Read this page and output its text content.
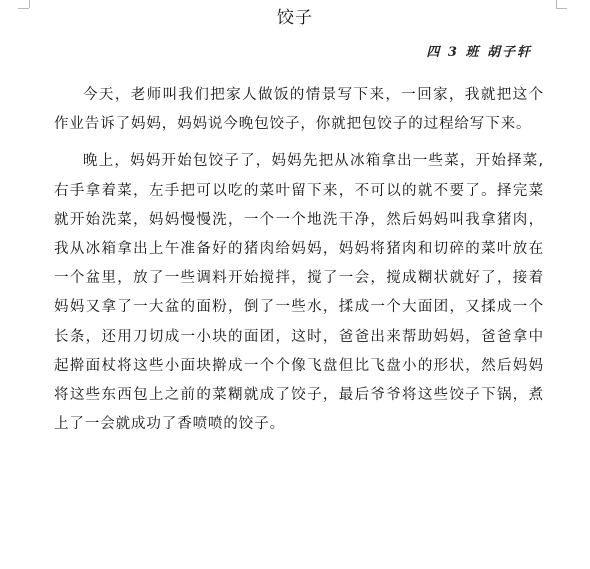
饺子
四 3 班 胡子轩

今天，老师叫我们把家人做饭的情景写下来，一回家，我就把这个作业告诉了妈妈，妈妈说今晚包饺子，你就把包饺子的过程给写下来。

晚上，妈妈开始包饺子了，妈妈先把从冰箱拿出一些菜，开始择菜,右手拿着菜，左手把可以吃的菜叶留下来，不可以的就不要了。择完菜就开始洗菜，妈妈慢慢洗，一个一个地洗干净，然后妈妈叫我拿猪肉，我从冰箱拿出上午准备好的猪肉给妈妈，妈妈将猪肉和切碎的菜叶放在一个盆里，放了一些调料开始搅拌，搅了一会，搅成糊状就好了，接着妈妈又拿了一大盆的面粉，倒了一些水，揉成一个大面团，又揉成一个长条，还用刀切成一小块的面团，这时，爸爸出来帮助妈妈，爸爸拿中起擀面杖将这些小面块擀成一个个像飞盘但比飞盘小的形状，然后妈妈将这些东西包上之前的菜糊就成了饺子，最后爷爷将这些饺子下锅，煮上了一会就成功了香喷喷的饺子。
